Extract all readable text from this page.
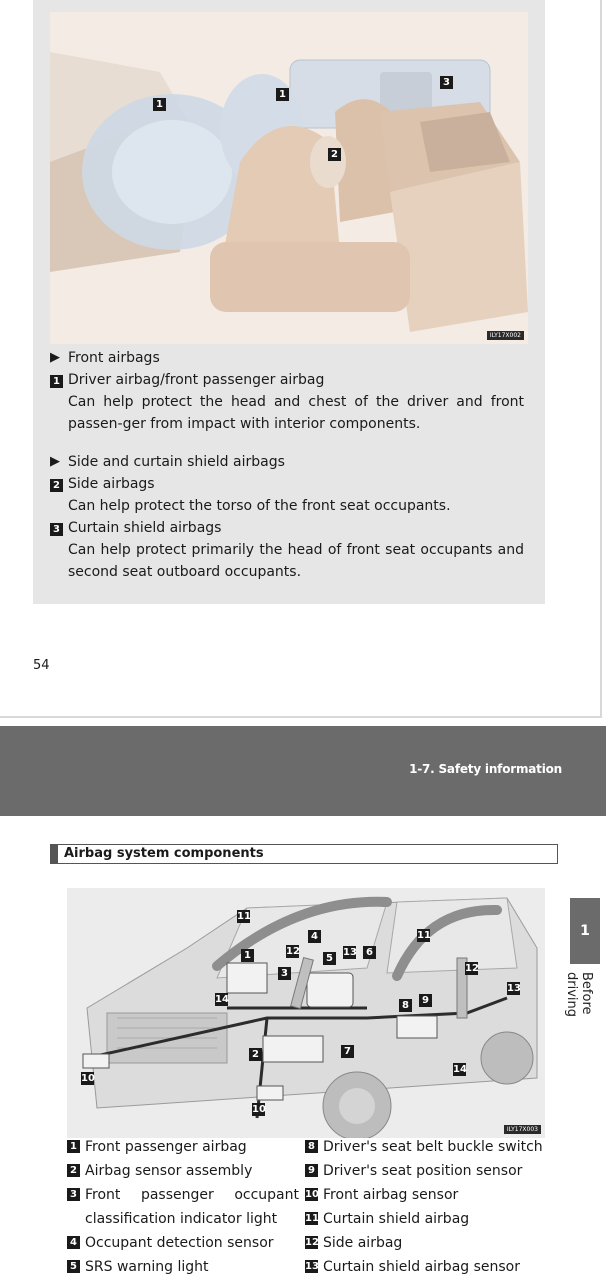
1
1
2
3
ILY17X002
▶ Front airbags
1 Driver airbag/front passenger airbag
Can help protect the head and chest of the driver and front passen-ger from impact with interior components.
▶ Side and curtain shield airbags
2 Side airbags
Can help protect the torso of the front seat occupants.
3 Curtain shield airbags
Can help protect primarily the head of front seat occupants and second seat outboard occupants.
54
1-7. Safety information
Airbag system components
1
Before driving
11
11
1	12
4
13 6
5
3	12
13
14
8	9
2	7
10
14
10
ILY17X003
1 Front passenger airbag
2 Airbag sensor assembly
3 Front passenger occupant classification indicator light
4 Occupant detection sensor
5 SRS warning light
8 Driver's seat belt buckle switch
9 Driver's seat position sensor
10 Front airbag sensor
11 Curtain shield airbag
12 Side airbag
13 Curtain shield airbag sensor
